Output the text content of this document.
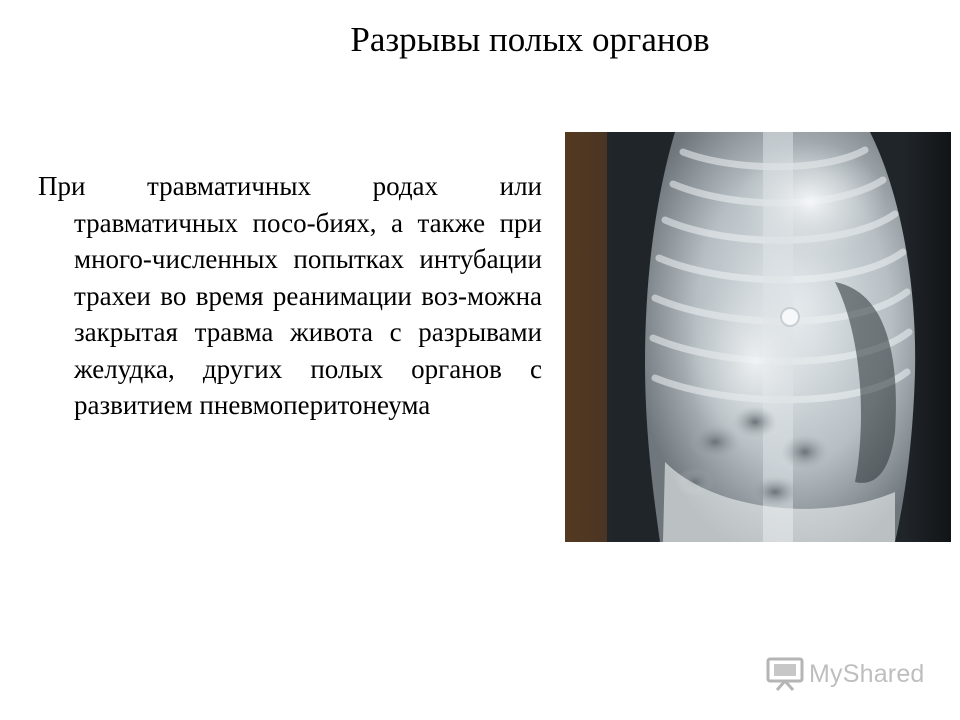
Разрывы полых органов

При травматичных родах или травматичных посо-биях, а также при много-численных попытках интубации трахеи во время реанимации воз-можна закрытая травма живота с разрывами желудка, других полых органов с развитием пневмоперитонеума

MyShared
